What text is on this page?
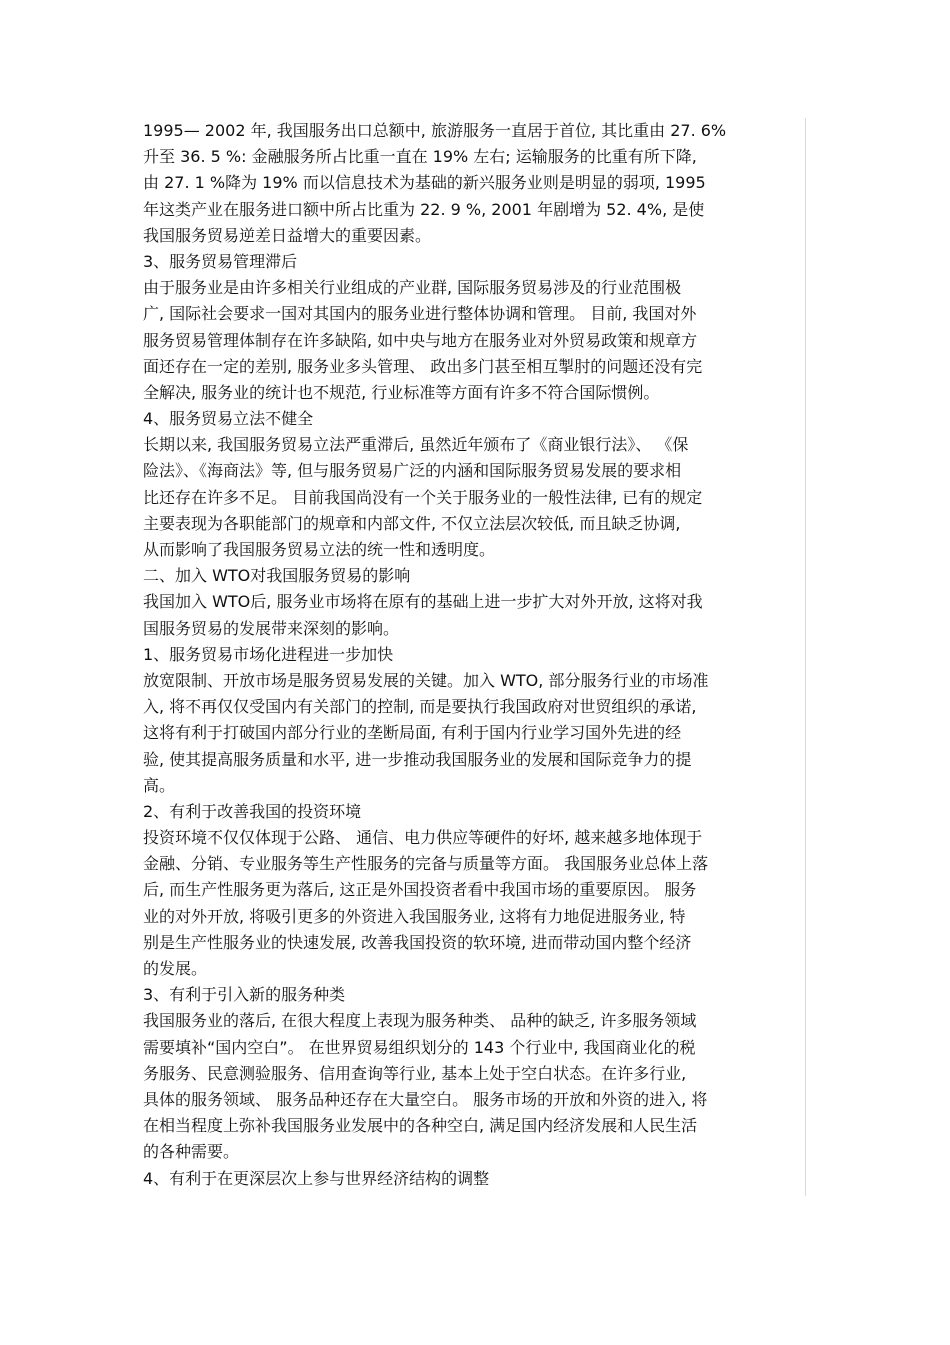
1995— 2002 年, 我国服务出口总额中, 旅游服务一直居于首位, 其比重由 27. 6%
升至 36. 5 %: 金融服务所占比重一直在 19% 左右; 运输服务的比重有所下降,
由 27. 1 %降为 19% 而以信息技术为基础的新兴服务业则是明显的弱项, 1995
年这类产业在服务进口额中所占比重为 22. 9 %, 2001 年剧增为 52. 4%, 是使
我国服务贸易逆差日益增大的重要因素。
3、服务贸易管理滞后
由于服务业是由许多相关行业组成的产业群, 国际服务贸易涉及的行业范围极
广, 国际社会要求一国对其国内的服务业进行整体协调和管理。 目前, 我国对外
服务贸易管理体制存在许多缺陷, 如中央与地方在服务业对外贸易政策和规章方
面还存在一定的差别, 服务业多头管理、 政出多门甚至相互掣肘的问题还没有完
全解决, 服务业的统计也不规范, 行业标准等方面有许多不符合国际惯例。
4、服务贸易立法不健全
长期以来, 我国服务贸易立法严重滞后, 虽然近年颁布了《商业银行法》、 《保
险法》、《海商法》等, 但与服务贸易广泛的内涵和国际服务贸易发展的要求相
比还存在许多不足。 目前我国尚没有一个关于服务业的一般性法律, 已有的规定
主要表现为各职能部门的规章和内部文件, 不仅立法层次较低, 而且缺乏协调,
从而影响了我国服务贸易立法的统一性和透明度。
二、加入 WTO对我国服务贸易的影响
我国加入 WTO后, 服务业市场将在原有的基础上进一步扩大对外开放, 这将对我
国服务贸易的发展带来深刻的影响。
1、服务贸易市场化进程进一步加快
放宽限制、开放市场是服务贸易发展的关键。加入 WTO, 部分服务行业的市场准
入, 将不再仅仅受国内有关部门的控制, 而是要执行我国政府对世贸组织的承诺,
这将有利于打破国内部分行业的垄断局面, 有利于国内行业学习国外先进的经
验, 使其提高服务质量和水平, 进一步推动我国服务业的发展和国际竞争力的提
高。
2、有利于改善我国的投资环境
投资环境不仅仅体现于公路、 通信、电力供应等硬件的好坏, 越来越多地体现于
金融、分销、专业服务等生产性服务的完备与质量等方面。 我国服务业总体上落
后, 而生产性服务更为落后, 这正是外国投资者看中我国市场的重要原因。 服务
业的对外开放, 将吸引更多的外资进入我国服务业, 这将有力地促进服务业, 特
别是生产性服务业的快速发展, 改善我国投资的软环境, 进而带动国内整个经济
的发展。
3、有利于引入新的服务种类
我国服务业的落后, 在很大程度上表现为服务种类、 品种的缺乏, 许多服务领域
需要填补“国内空白”。 在世界贸易组织划分的 143 个行业中, 我国商业化的税
务服务、民意测验服务、信用查询等行业, 基本上处于空白状态。在许多行业,
具体的服务领域、 服务品种还存在大量空白。 服务市场的开放和外资的进入, 将
在相当程度上弥补我国服务业发展中的各种空白, 满足国内经济发展和人民生活
的各种需要。
4、有利于在更深层次上参与世界经济结构的调整
